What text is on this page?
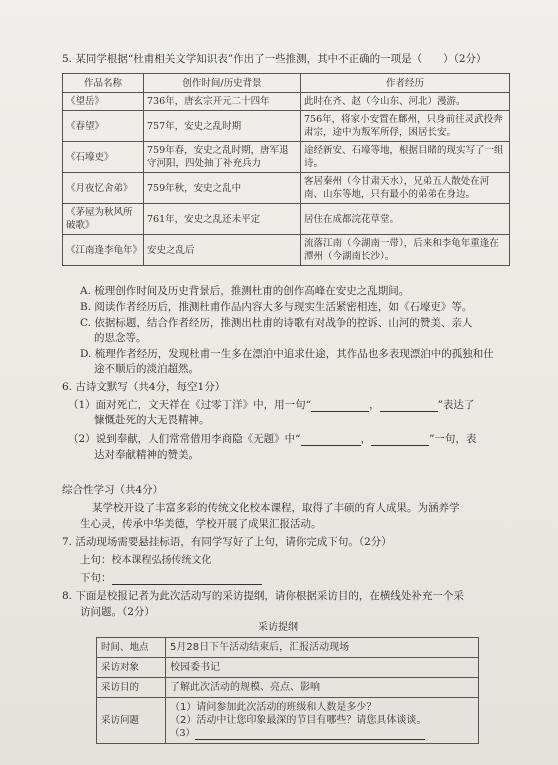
5. 某同学根据“杜甫相关文学知识表”作出了一些推测，其中不正确的一项是（　　）（2分）
作品名称	创作时间/历史背景	作者经历
《望岳》	736年，唐玄宗开元二十四年	此时在齐、赵（今山东、河北）漫游。
《春望》	757年，安史之乱时期	756年，将家小安置在鄜州，只身前往灵武投奔肃宗，途中为叛军所俘，困居长安。
《石壕吏》	759年春，安史之乱时期，唐军退守河阳，四处抽丁补充兵力	途经新安、石壕等地，根据目睹的现实写了一组诗。
《月夜忆舍弟》	759年秋，安史之乱中	客居秦州（今甘肃天水），兄弟五人散处在河南、山东等地，只有最小的弟弟在身边。
《茅屋为秋风所破歌》	761年，安史之乱还未平定	居住在成都浣花草堂。
《江南逢李龟年》	安史之乱后	流落江南（今湖南一带），后来和李龟年重逢在潭州（今湖南长沙）。
A. 梳理创作时间及历史背景后，推测杜甫的创作高峰在安史之乱期间。
B. 阅读作者经历后，推测杜甫作品内容大多与现实生活紧密相连，如《石壕吏》等。
C. 依据标题，结合作者经历，推测出杜甫的诗歌有对战争的控诉、山河的赞美、亲人
的思念等。
D. 梳理作者经历，发现杜甫一生多在漂泊中追求仕途，其作品也多表现漂泊中的孤独和仕
途不顺后的淡泊超然。
6. 古诗文默写（共4分，每空1分）
（1）面对死亡，文天祥在《过零丁洋》中，用一句“	，	”表达了
慷慨赴死的大无畏精神。
（2）说到奉献，人们常常借用李商隐《无题》中“	，	”一句，表
达对奉献精神的赞美。
综合性学习（共4分）
某学校开设了丰富多彩的传统文化校本课程，取得了丰硕的育人成果。为涵养学
生心灵，传承中华美德，学校开展了成果汇报活动。
7. 活动现场需要悬挂标语，有同学写好了上句，请你完成下句。（2分）
上句：校本课程弘扬传统文化
下句：
8. 下面是校报记者为此次活动写的采访提纲，请你根据采访目的，在横线处补充一个采
访问题。（2分）
采访提纲
时间、地点	5月28日下午活动结束后，汇报活动现场
采访对象	校园委书记
采访目的	了解此次活动的规模、亮点、影响
采访问题	（1）请问参加此次活动的班级和人数是多少？
（2）活动中让您印象最深的节目有哪些？请您具体谈谈。
（3）
